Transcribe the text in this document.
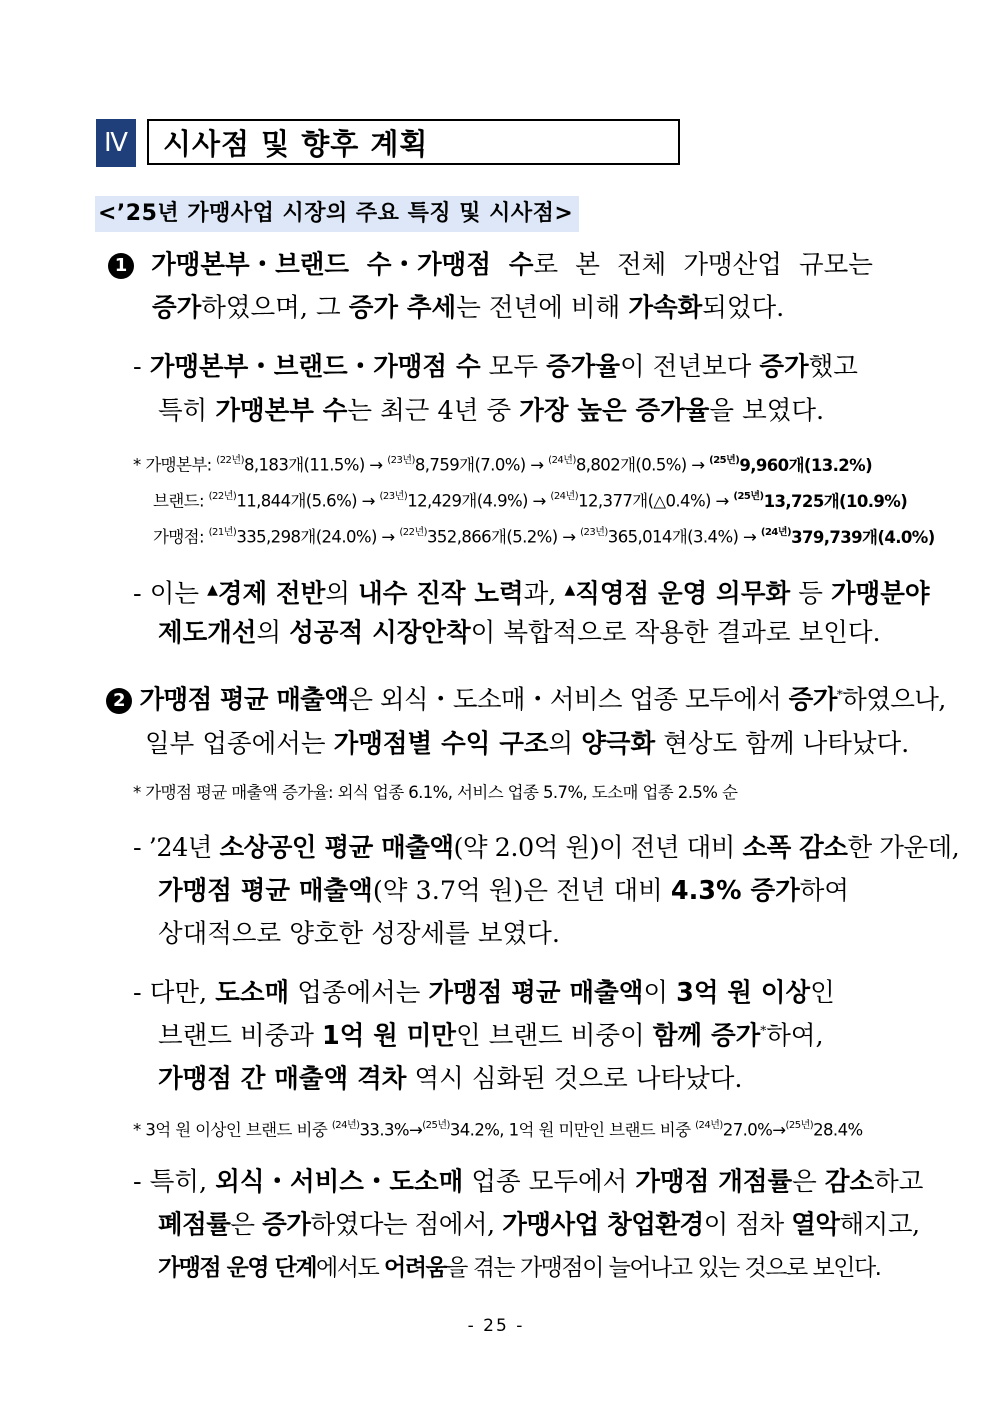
Ⅳ	시사점 및 향후 계획
<’25년 가맹사업 시장의 주요 특징 및 시사점>
1 가맹본부・브랜드 수・가맹점 수로 본 전체 가맹산업 규모는
증가하였으며, 그 증가 추세는 전년에 비해 가속화되었다.
- 가맹본부・브랜드・가맹점 수 모두 증가율이 전년보다 증가했고
특히 가맹본부 수는 최근 4년 중 가장 높은 증가율을 보였다.
* 가맹본부: $^{(22년)}$8,183개(11.5%) → $^{(23년)}$8,759개(7.0%) → $^{(24년)}$8,802개(0.5%) → $^{(25년)}$9,960개(13.2%)
브랜드: $^{(22년)}$11,844개(5.6%) → $^{(23년)}$12,429개(4.9%) → $^{(24년)}$12,377개(△0.4%) → $^{(25년)}$13,725개(10.9%)
가맹점: $^{(21년)}$335,298개(24.0%) → $^{(22년)}$352,866개(5.2%) → $^{(23년)}$365,014개(3.4%) → $^{(24년)}$379,739개(4.0%)
- 이는 ▲경제 전반의 내수 진작 노력과, ▲직영점 운영 의무화 등 가맹분야
제도개선의 성공적 시장안착이 복합적으로 작용한 결과로 보인다.
2 가맹점 평균 매출액은 외식・도소매・서비스 업종 모두에서 증가*하였으나,
일부 업종에서는 가맹점별 수익 구조의 양극화 현상도 함께 나타났다.
* 가맹점 평균 매출액 증가율: 외식 업종 6.1%, 서비스 업종 5.7%, 도소매 업종 2.5% 순
- ’24년 소상공인 평균 매출액(약 2.0억 원)이 전년 대비 소폭 감소한 가운데,
가맹점 평균 매출액(약 3.7억 원)은 전년 대비 4.3% 증가하여
상대적으로 양호한 성장세를 보였다.
- 다만, 도소매 업종에서는 가맹점 평균 매출액이 3억 원 이상인
브랜드 비중과 1억 원 미만인 브랜드 비중이 함께 증가*하여,
가맹점 간 매출액 격차 역시 심화된 것으로 나타났다.
* 3억 원 이상인 브랜드 비중 $^{(24년)}$33.3%→$^{(25년)}$34.2%, 1억 원 미만인 브랜드 비중 $^{(24년)}$27.0%→$^{(25년)}$28.4%
- 특히, 외식・서비스・도소매 업종 모두에서 가맹점 개점률은 감소하고
폐점률은 증가하였다는 점에서, 가맹사업 창업환경이 점차 열악해지고,
가맹점 운영 단계에서도 어려움을 겪는 가맹점이 늘어나고 있는 것으로 보인다.
- 25 -
